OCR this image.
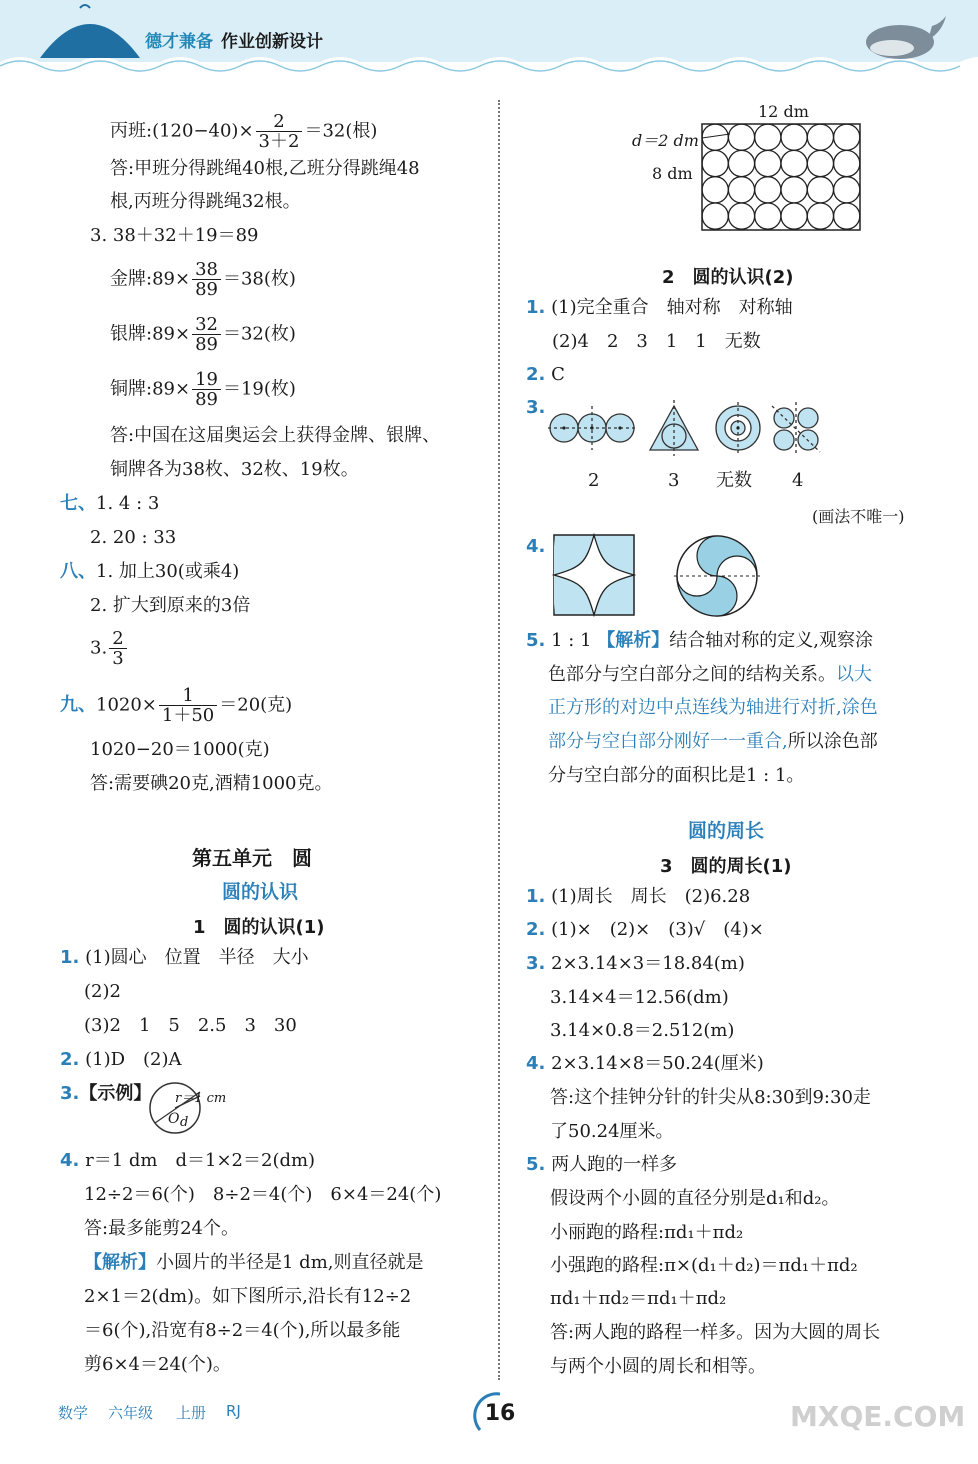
德才兼备 作业创新设计
丙班:(120−40)× $\frac{2}{3+2} =32$(根)
答:甲班分得跳绳40根,乙班分得跳绳48
根,丙班分得跳绳32根。
3. 38＋32＋19＝89
金牌:89× $\frac{38}{89} =38$(枚)
银牌:89× $\frac{32}{89} =32$(枚)
铜牌:89× $\frac{19}{89} =19$(枚)
答:中国在这届奥运会上获得金牌、银牌、
铜牌各为38枚、32枚、19枚。
七、1. 4 : 3
2. 20 : 33
八、1. 加上30(或乘4)
2. 扩大到原来的3倍
3. $\frac{2}{3}$
九、$1020\times \frac{1}{1+50} =20$(克)
1020−20＝1000(克)
答:需要碘20克,酒精1000克。
第五单元　圆
圆的认识
1　圆的认识(1)
1. (1)圆心　位置　半径　大小
(2)2
(3)2　1　5　2.5　3　30
2. (1)D　(2)A
3.【示例】 r＝1 cm
O d
4. r＝1 dm　d＝1×2＝2(dm)
12÷2＝6(个)　8÷2＝4(个)　6×4＝24(个)
答:最多能剪24个。
【解析】小圆片的半径是1 dm,则直径就是
2×1＝2(dm)。如下图所示,沿长有12÷2
＝6(个),沿宽有8÷2＝4(个),所以最多能
剪6×4＝24(个)。
12 dm
d＝2 dm
8 dm
2　圆的认识(2)
1. (1)完全重合　轴对称　对称轴
(2)4　2　3　1　1　无数
2. C
3.
2	3 无数 4
(画法不唯一)
4.
5. 1 : 1 【解析】结合轴对称的定义,观察涂
色部分与空白部分之间的结构关系。以大
正方形的对边中点连线为轴进行对折,涂色
部分与空白部分刚好一一重合,所以涂色部
分与空白部分的面积比是1 : 1。
圆的周长
3　圆的周长(1)
1. (1)周长　周长　(2)6.28
2. (1)×　(2)×　(3)√　(4)×
3. 2×3.14×3＝18.84(m)
3.14×4＝12.56(dm)
3.14×0.8＝2.512(m)
4. 2×3.14×8＝50.24(厘米)
答:这个挂钟分针的针尖从8:30到9:30走
了50.24厘米。
5. 两人跑的一样多
假设两个小圆的直径分别是d₁和d₂。
小丽跑的路程:πd₁＋πd₂
小强跑的路程:π×(d₁＋d₂)＝πd₁＋πd₂
πd₁＋πd₂＝πd₁＋πd₂
答:两人跑的路程一样多。因为大圆的周长
与两个小圆的周长和相等。
数学 六年级 上册 RJ	16	MXQE.COM
